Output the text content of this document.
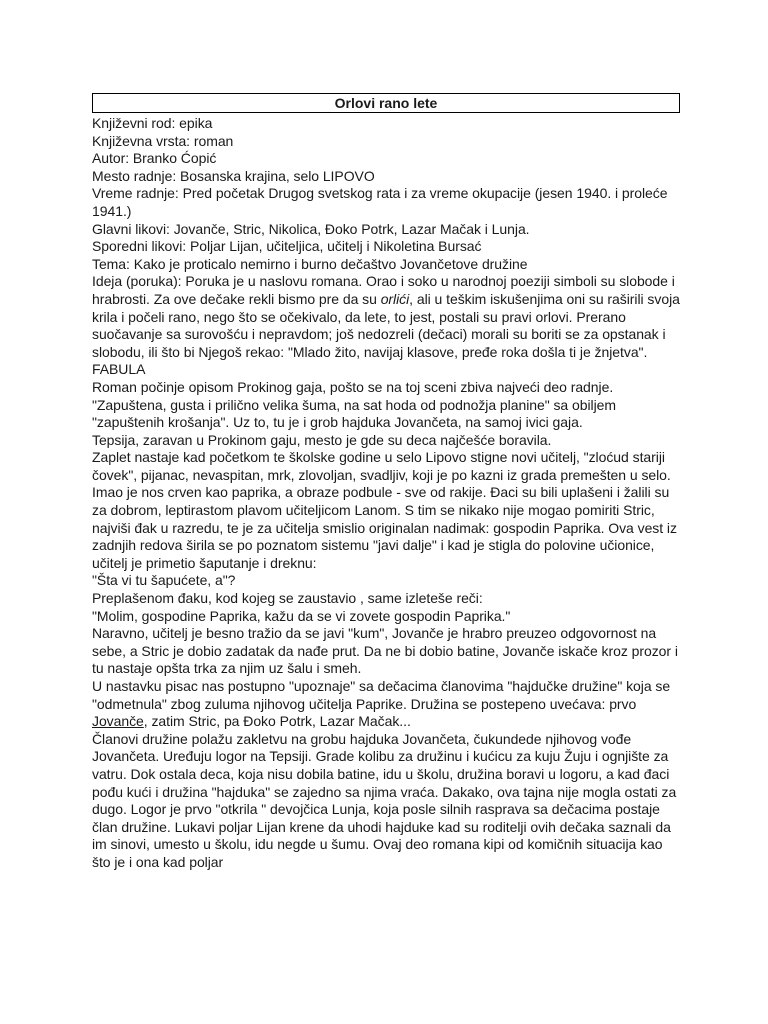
Orlovi rano lete

Književni rod: epika

Književna vrsta: roman

Autor: Branko Ćopić

Mesto radnje: Bosanska krajina, selo LIPOVO

Vreme radnje: Pred početak Drugog svetskog rata i za vreme okupacije (jesen 1940. i proleće 1941.)

Glavni likovi: Jovanče, Stric, Nikolica, Đoko Potrk, Lazar Mačak i Lunja.

Sporedni likovi: Poljar Lijan, učiteljica, učitelj i Nikoletina Bursać

Tema: Kako je proticalo nemirno i burno dečaštvo Jovančetove družine

Ideja (poruka): Poruka je u naslovu romana. Orao i soko u narodnoj poeziji simboli su slobode i hrabrosti. Za ove dečake rekli bismo pre da su orlići, ali u teškim iskušenjima oni su raširili svoja krila i počeli rano, nego što se očekivalo, da lete, to jest, postali su pravi orlovi. Prerano suočavanje sa surovošću i nepravdom; još nedozreli (dečaci) morali su boriti se za opstanak i slobodu, ili što bi Njegoš rekao: "Mlado žito, navijaj klasove, pređe roka došla ti je žnjetva".

FABULA

Roman počinje opisom Prokinog gaja, pošto se na toj sceni zbiva najveći deo radnje. "Zapuštena, gusta i prilično velika šuma, na sat hoda od podnožja planine" sa obiljem "zapuštenih krošanja". Uz to, tu je i grob hajduka Jovančeta, na samoj ivici gaja.

Tepsija, zaravan u Prokinom gaju, mesto je gde su deca najčešće boravila.

Zaplet nastaje kad početkom te školske godine u selo Lipovo stigne novi učitelj, "zloćud stariji čovek", pijanac, nevaspitan, mrk, zlovoljan, svadljiv, koji je po kazni iz grada premešten u selo. Imao je nos crven kao paprika, a obraze podbule - sve od rakije. Đaci su bili uplašeni i žalili su za dobrom, leptirastom plavom učiteljicom Lanom. S tim se nikako nije mogao pomiriti Stric, najviši đak u razredu, te je za učitelja smislio originalan nadimak: gospodin Paprika. Ova vest iz zadnjih redova širila se po poznatom sistemu "javi dalje" i kad je stigla do polovine učionice, učitelj je primetio šaputanje i dreknu:

"Šta vi tu šapućete, a"?

Preplašenom đaku, kod kojeg se zaustavio , same izleteše reči:

"Molim, gospodine Paprika, kažu da se vi zovete gospodin Paprika."

Naravno, učitelj je besno tražio da se javi "kum", Jovanče je hrabro preuzeo odgovornost na sebe, a Stric je dobio zadatak da nađe prut. Da ne bi dobio batine, Jovanče iskače kroz prozor i tu nastaje opšta trka za njim uz šalu i smeh.

U nastavku pisac nas postupno "upoznaje" sa dečacima članovima "hajdučke družine" koja se "odmetnula" zbog zuluma njihovog učitelja Paprike. Družina se postepeno uvećava: prvo Jovanče, zatim Stric, pa Đoko Potrk, Lazar Mačak...

Članovi družine polažu zakletvu na grobu hajduka Jovančeta, čukundede njihovog vođe Jovančeta. Uređuju logor na Tepsiji. Grade kolibu za družinu i kućicu za kuju Žuju i ognjište za vatru. Dok ostala deca, koja nisu dobila batine, idu u školu, družina boravi u logoru, a kad đaci pođu kući i družina "hajduka" se zajedno sa njima vraća. Dakako, ova tajna nije mogla ostati za dugo. Logor je prvo "otkrila " devojčica Lunja, koja posle silnih rasprava sa dečacima postaje član družine. Lukavi poljar Lijan krene da uhodi hajduke kad su roditelji ovih dečaka saznali da im sinovi, umesto u školu, idu negde u šumu. Ovaj deo romana kipi od komičnih situacija kao što je i ona kad poljar
